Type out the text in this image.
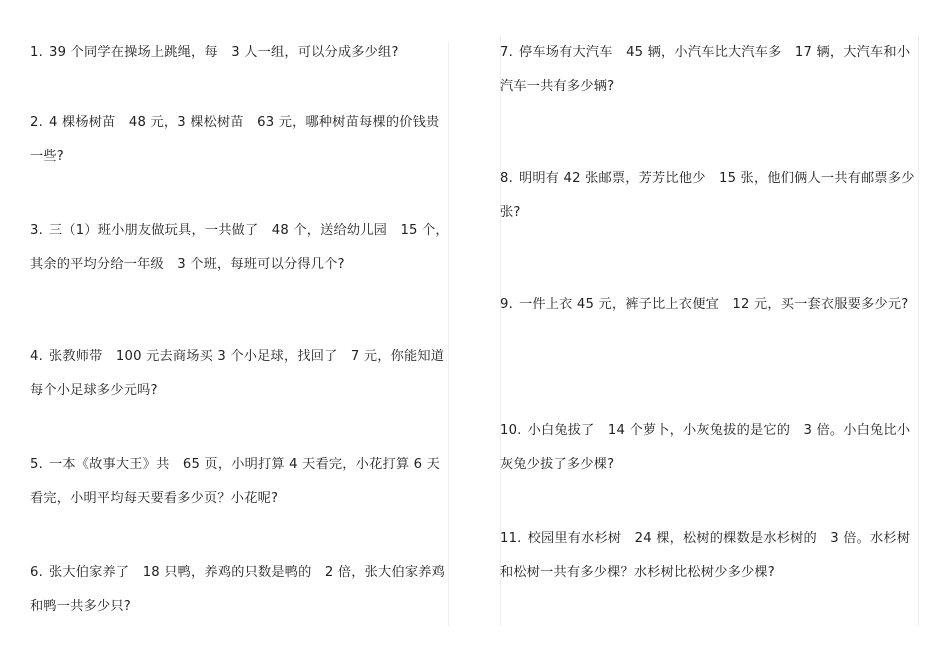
1. 39 个同学在操场上跳绳，每　3 人一组，可以分成多少组?

2. 4 棵杨树苗　48 元，3 棵松树苗　63 元，哪种树苗每棵的价钱贵一些?

3. 三（1）班小朋友做玩具，一共做了　48 个，送给幼儿园　15 个，其余的平均分给一年级　3 个班，每班可以分得几个?

4. 张教师带　100 元去商场买 3 个小足球，找回了　7 元，你能知道每个小足球多少元吗?

5. 一本《故事大王》共　65 页，小明打算 4 天看完，小花打算 6 天看完，小明平均每天要看多少页？小花呢?

6. 张大伯家养了　18 只鸭，养鸡的只数是鸭的　2 倍，张大伯家养鸡和鸭一共多少只?

7. 停车场有大汽车　45 辆，小汽车比大汽车多　17 辆，大汽车和小汽车一共有多少辆?

8. 明明有 42 张邮票，芳芳比他少　15 张，他们俩人一共有邮票多少张?

9. 一件上衣 45 元，裤子比上衣便宜　12 元，买一套衣服要多少元?

10. 小白兔拔了　14 个萝卜，小灰兔拔的是它的　3 倍。小白兔比小灰兔少拔了多少棵?

11. 校园里有水杉树　24 棵，松树的棵数是水杉树的　3 倍。水杉树和松树一共有多少棵？水杉树比松树少多少棵?
